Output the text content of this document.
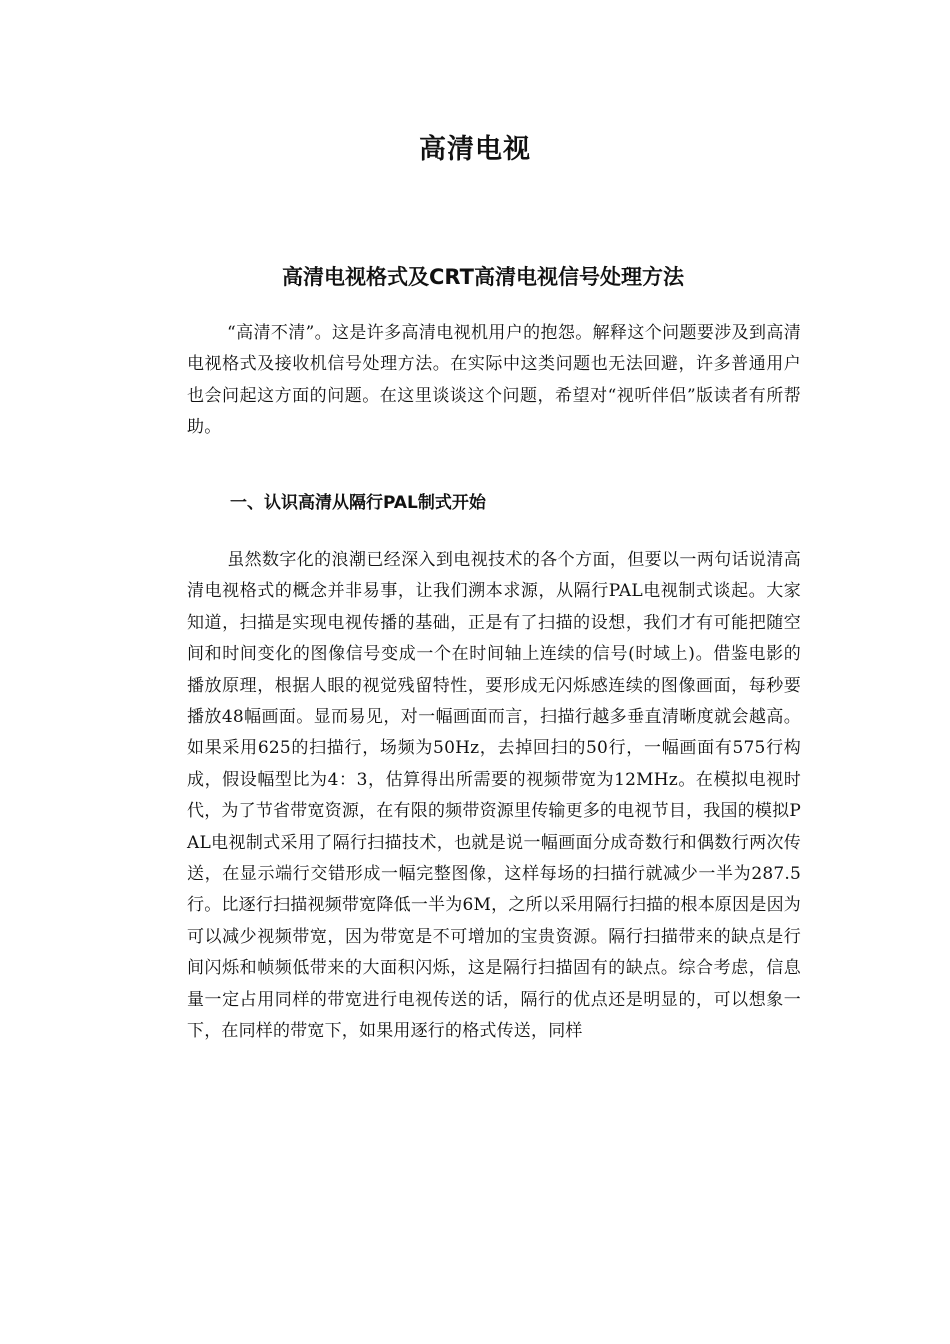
高清电视
高清电视格式及CRT高清电视信号处理方法
“高清不清”。这是许多高清电视机用户的抱怨。解释这个问题要涉及到高清电视格式及接收机信号处理方法。在实际中这类问题也无法回避，许多普通用户也会问起这方面的问题。在这里谈谈这个问题，希望对“视听伴侣”版读者有所帮助。
一、认识高清从隔行PAL制式开始
虽然数字化的浪潮已经深入到电视技术的各个方面，但要以一两句话说清高清电视格式的概念并非易事，让我们溯本求源，从隔行PAL电视制式谈起。大家知道，扫描是实现电视传播的基础，正是有了扫描的设想，我们才有可能把随空间和时间变化的图像信号变成一个在时间轴上连续的信号(时域上)。借鉴电影的播放原理，根据人眼的视觉残留特性，要形成无闪烁感连续的图像画面，每秒要播放48幅画面。显而易见，对一幅画面而言，扫描行越多垂直清晰度就会越高。如果采用625的扫描行，场频为50Hz，去掉回扫的50行，一幅画面有575行构成，假设幅型比为4：3，估算得出所需要的视频带宽为12MHz。在模拟电视时代，为了节省带宽资源，在有限的频带资源里传输更多的电视节目，我国的模拟PAL电视制式采用了隔行扫描技术，也就是说一幅画面分成奇数行和偶数行两次传送，在显示端行交错形成一幅完整图像，这样每场的扫描行就减少一半为287.5行。比逐行扫描视频带宽降低一半为6M，之所以采用隔行扫描的根本原因是因为可以减少视频带宽，因为带宽是不可增加的宝贵资源。隔行扫描带来的缺点是行间闪烁和帧频低带来的大面积闪烁，这是隔行扫描固有的缺点。综合考虑，信息量一定占用同样的带宽进行电视传送的话，隔行的优点还是明显的，可以想象一下，在同样的带宽下，如果用逐行的格式传送，同样
